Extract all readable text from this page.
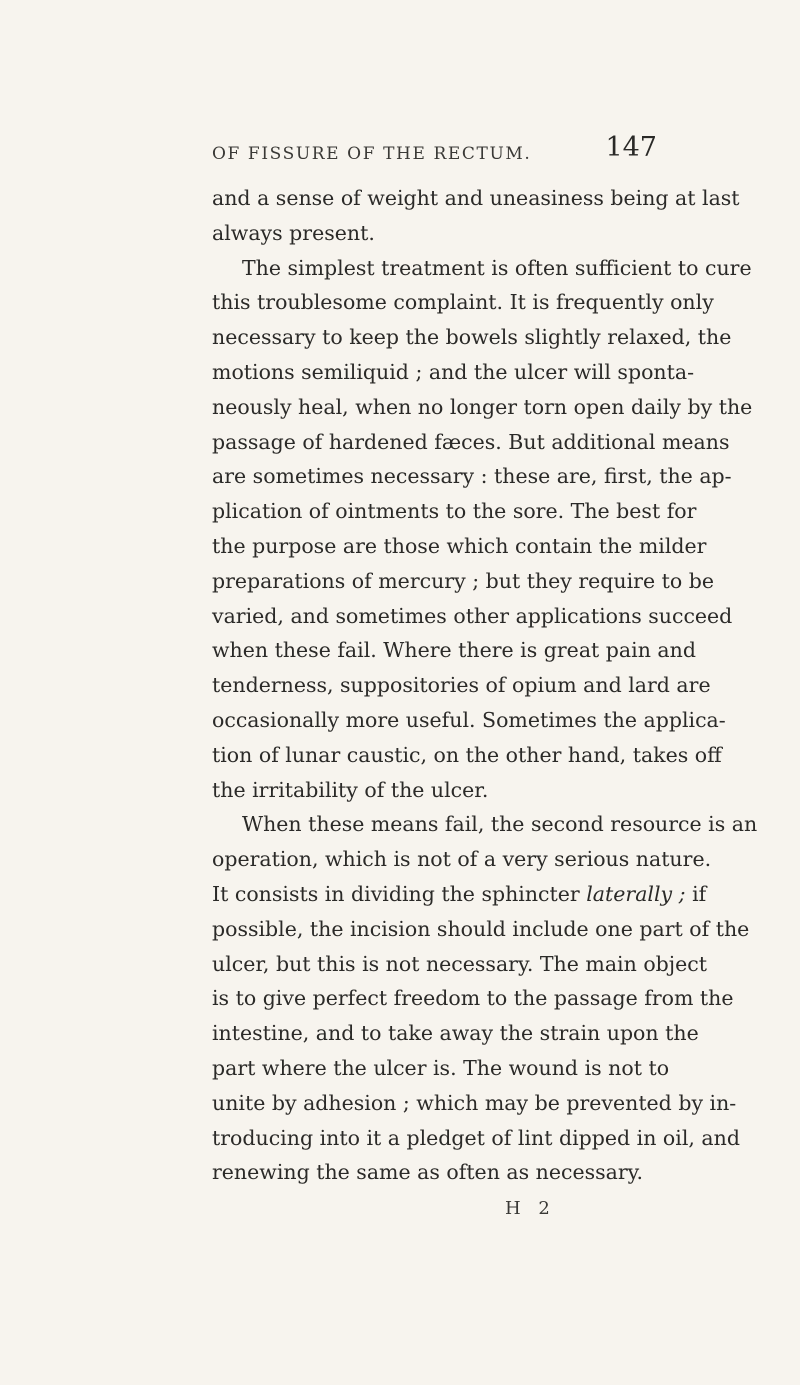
OF FISSURE OF THE RECTUM.	147
and a sense of weight and uneasiness being at last
always present.
The simplest treatment is often sufficient to cure
this troublesome complaint. It is frequently only
necessary to keep the bowels slightly relaxed, the
motions semiliquid ; and the ulcer will sponta-
neously heal, when no longer torn open daily by the
passage of hardened fæces. But additional means
are sometimes necessary : these are, first, the ap-
plication of ointments to the sore. The best for
the purpose are those which contain the milder
preparations of mercury ; but they require to be
varied, and sometimes other applications succeed
when these fail. Where there is great pain and
tenderness, suppositories of opium and lard are
occasionally more useful. Sometimes the applica-
tion of lunar caustic, on the other hand, takes off
the irritability of the ulcer.
When these means fail, the second resource is an
operation, which is not of a very serious nature.
It consists in dividing the sphincter laterally ; if
possible, the incision should include one part of the
ulcer, but this is not necessary. The main object
is to give perfect freedom to the passage from the
intestine, and to take away the strain upon the
part where the ulcer is. The wound is not to
unite by adhesion ; which may be prevented by in-
troducing into it a pledget of lint dipped in oil, and
renewing the same as often as necessary.
H 2
